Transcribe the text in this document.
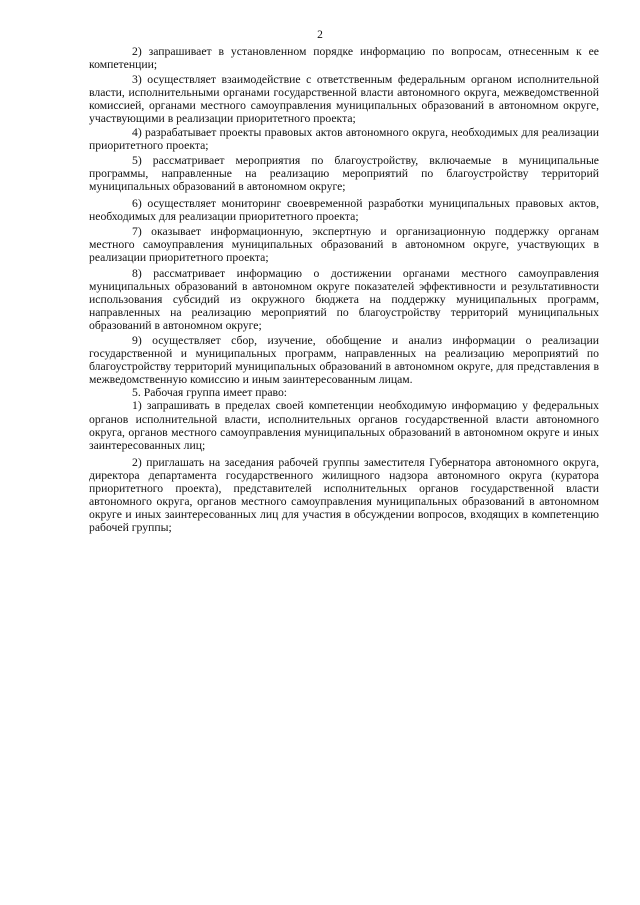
2

2) запрашивает в установленном порядке информацию по вопросам, отнесенным к ее компетенции;

3) осуществляет взаимодействие с ответственным федеральным органом исполнительной власти, исполнительными органами государственной власти автономного округа, межведомственной комиссией, органами местного самоуправления муниципальных образований в автономном округе, участвующими в реализации приоритетного проекта;

4) разрабатывает проекты правовых актов автономного округа, необходимых для реализации приоритетного проекта;

5) рассматривает мероприятия по благоустройству, включаемые в муниципальные программы, направленные на реализацию мероприятий по благоустройству территорий муниципальных образований в автономном округе;

6) осуществляет мониторинг своевременной разработки муниципальных правовых актов, необходимых для реализации приоритетного проекта;

7) оказывает информационную, экспертную и организационную поддержку органам местного самоуправления муниципальных образований в автономном округе, участвующих в реализации приоритетного проекта;

8) рассматривает информацию о достижении органами местного самоуправления муниципальных образований в автономном округе показателей эффективности и результативности использования субсидий из окружного бюджета на поддержку муниципальных программ, направленных на реализацию мероприятий по благоустройству территорий муниципальных образований в автономном округе;

9) осуществляет сбор, изучение, обобщение и анализ информации о реализации государственной и муниципальных программ, направленных на реализацию мероприятий по благоустройству территорий муниципальных образований в автономном округе, для представления в межведомственную комиссию и иным заинтересованным лицам.

5. Рабочая группа имеет право:

1) запрашивать в пределах своей компетенции необходимую информацию у федеральных органов исполнительной власти, исполнительных органов государственной власти автономного округа, органов местного самоуправления муниципальных образований в автономном округе и иных заинтересованных лиц;

2) приглашать на заседания рабочей группы заместителя Губернатора автономного округа, директора департамента государственного жилищного надзора автономного округа (куратора приоритетного проекта), представителей исполнительных органов государственной власти автономного округа, органов местного самоуправления муниципальных образований в автономном округе и иных заинтересованных лиц для участия в обсуждении вопросов, входящих в компетенцию рабочей группы;
